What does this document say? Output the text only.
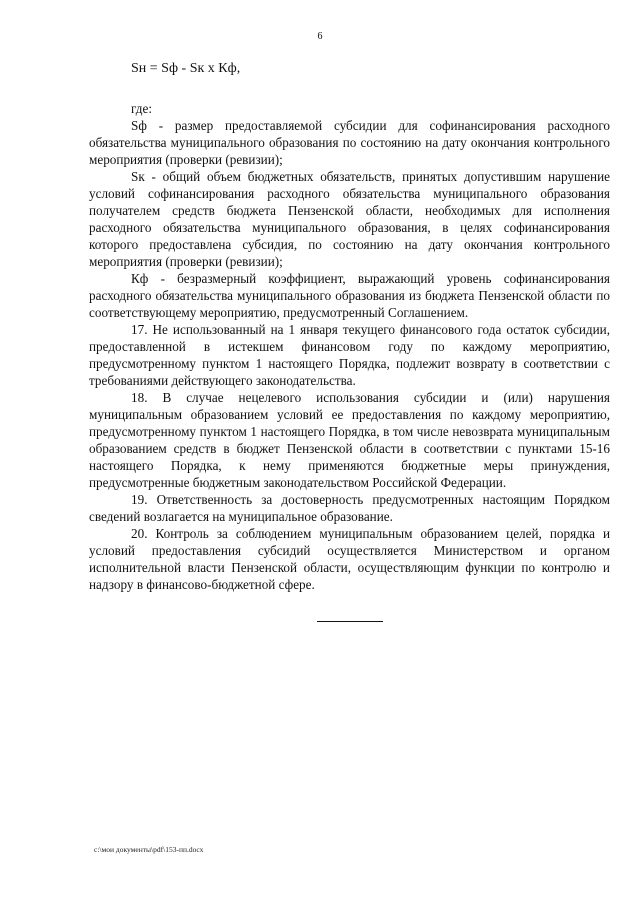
6
Sн = Sф - Sк x Кф,

где:

Sф - размер предоставляемой субсидии для софинансирования расходного обязательства муниципального образования по состоянию на дату окончания контрольного мероприятия (проверки (ревизии);

Sк - общий объем бюджетных обязательств, принятых допустившим нарушение условий софинансирования расходного обязательства муниципального образования получателем средств бюджета Пензенской области, необходимых для исполнения расходного обязательства муниципального образования, в целях софинансирования которого предоставлена субсидия, по состоянию на дату окончания контрольного мероприятия (проверки (ревизии);

Кф - безразмерный коэффициент, выражающий уровень софинансирования расходного обязательства муниципального образования из бюджета Пензенской области по соответствующему мероприятию, предусмотренный Соглашением.

17. Не использованный на 1 января текущего финансового года остаток субсидии, предоставленной в истекшем финансовом году по каждому мероприятию, предусмотренному пунктом 1 настоящего Порядка, подлежит возврату в соответствии с требованиями действующего законодательства.

18. В случае нецелевого использования субсидии и (или) нарушения муниципальным образованием условий ее предоставления по каждому мероприятию, предусмотренному пунктом 1 настоящего Порядка, в том числе невозврата муниципальным образованием средств в бюджет Пензенской области в соответствии с пунктами 15-16 настоящего Порядка, к нему применяются бюджетные меры принуждения, предусмотренные бюджетным законодательством Российской Федерации.

19. Ответственность за достоверность предусмотренных настоящим Порядком сведений возлагается на муниципальное образование.

20. Контроль за соблюдением муниципальным образованием целей, порядка и условий предоставления субсидий осуществляется Министерством и органом исполнительной власти Пензенской области, осуществляющим функции по контролю и надзору в финансово-бюджетной сфере.

c:\мои документы\pdf\153-пп.docx
